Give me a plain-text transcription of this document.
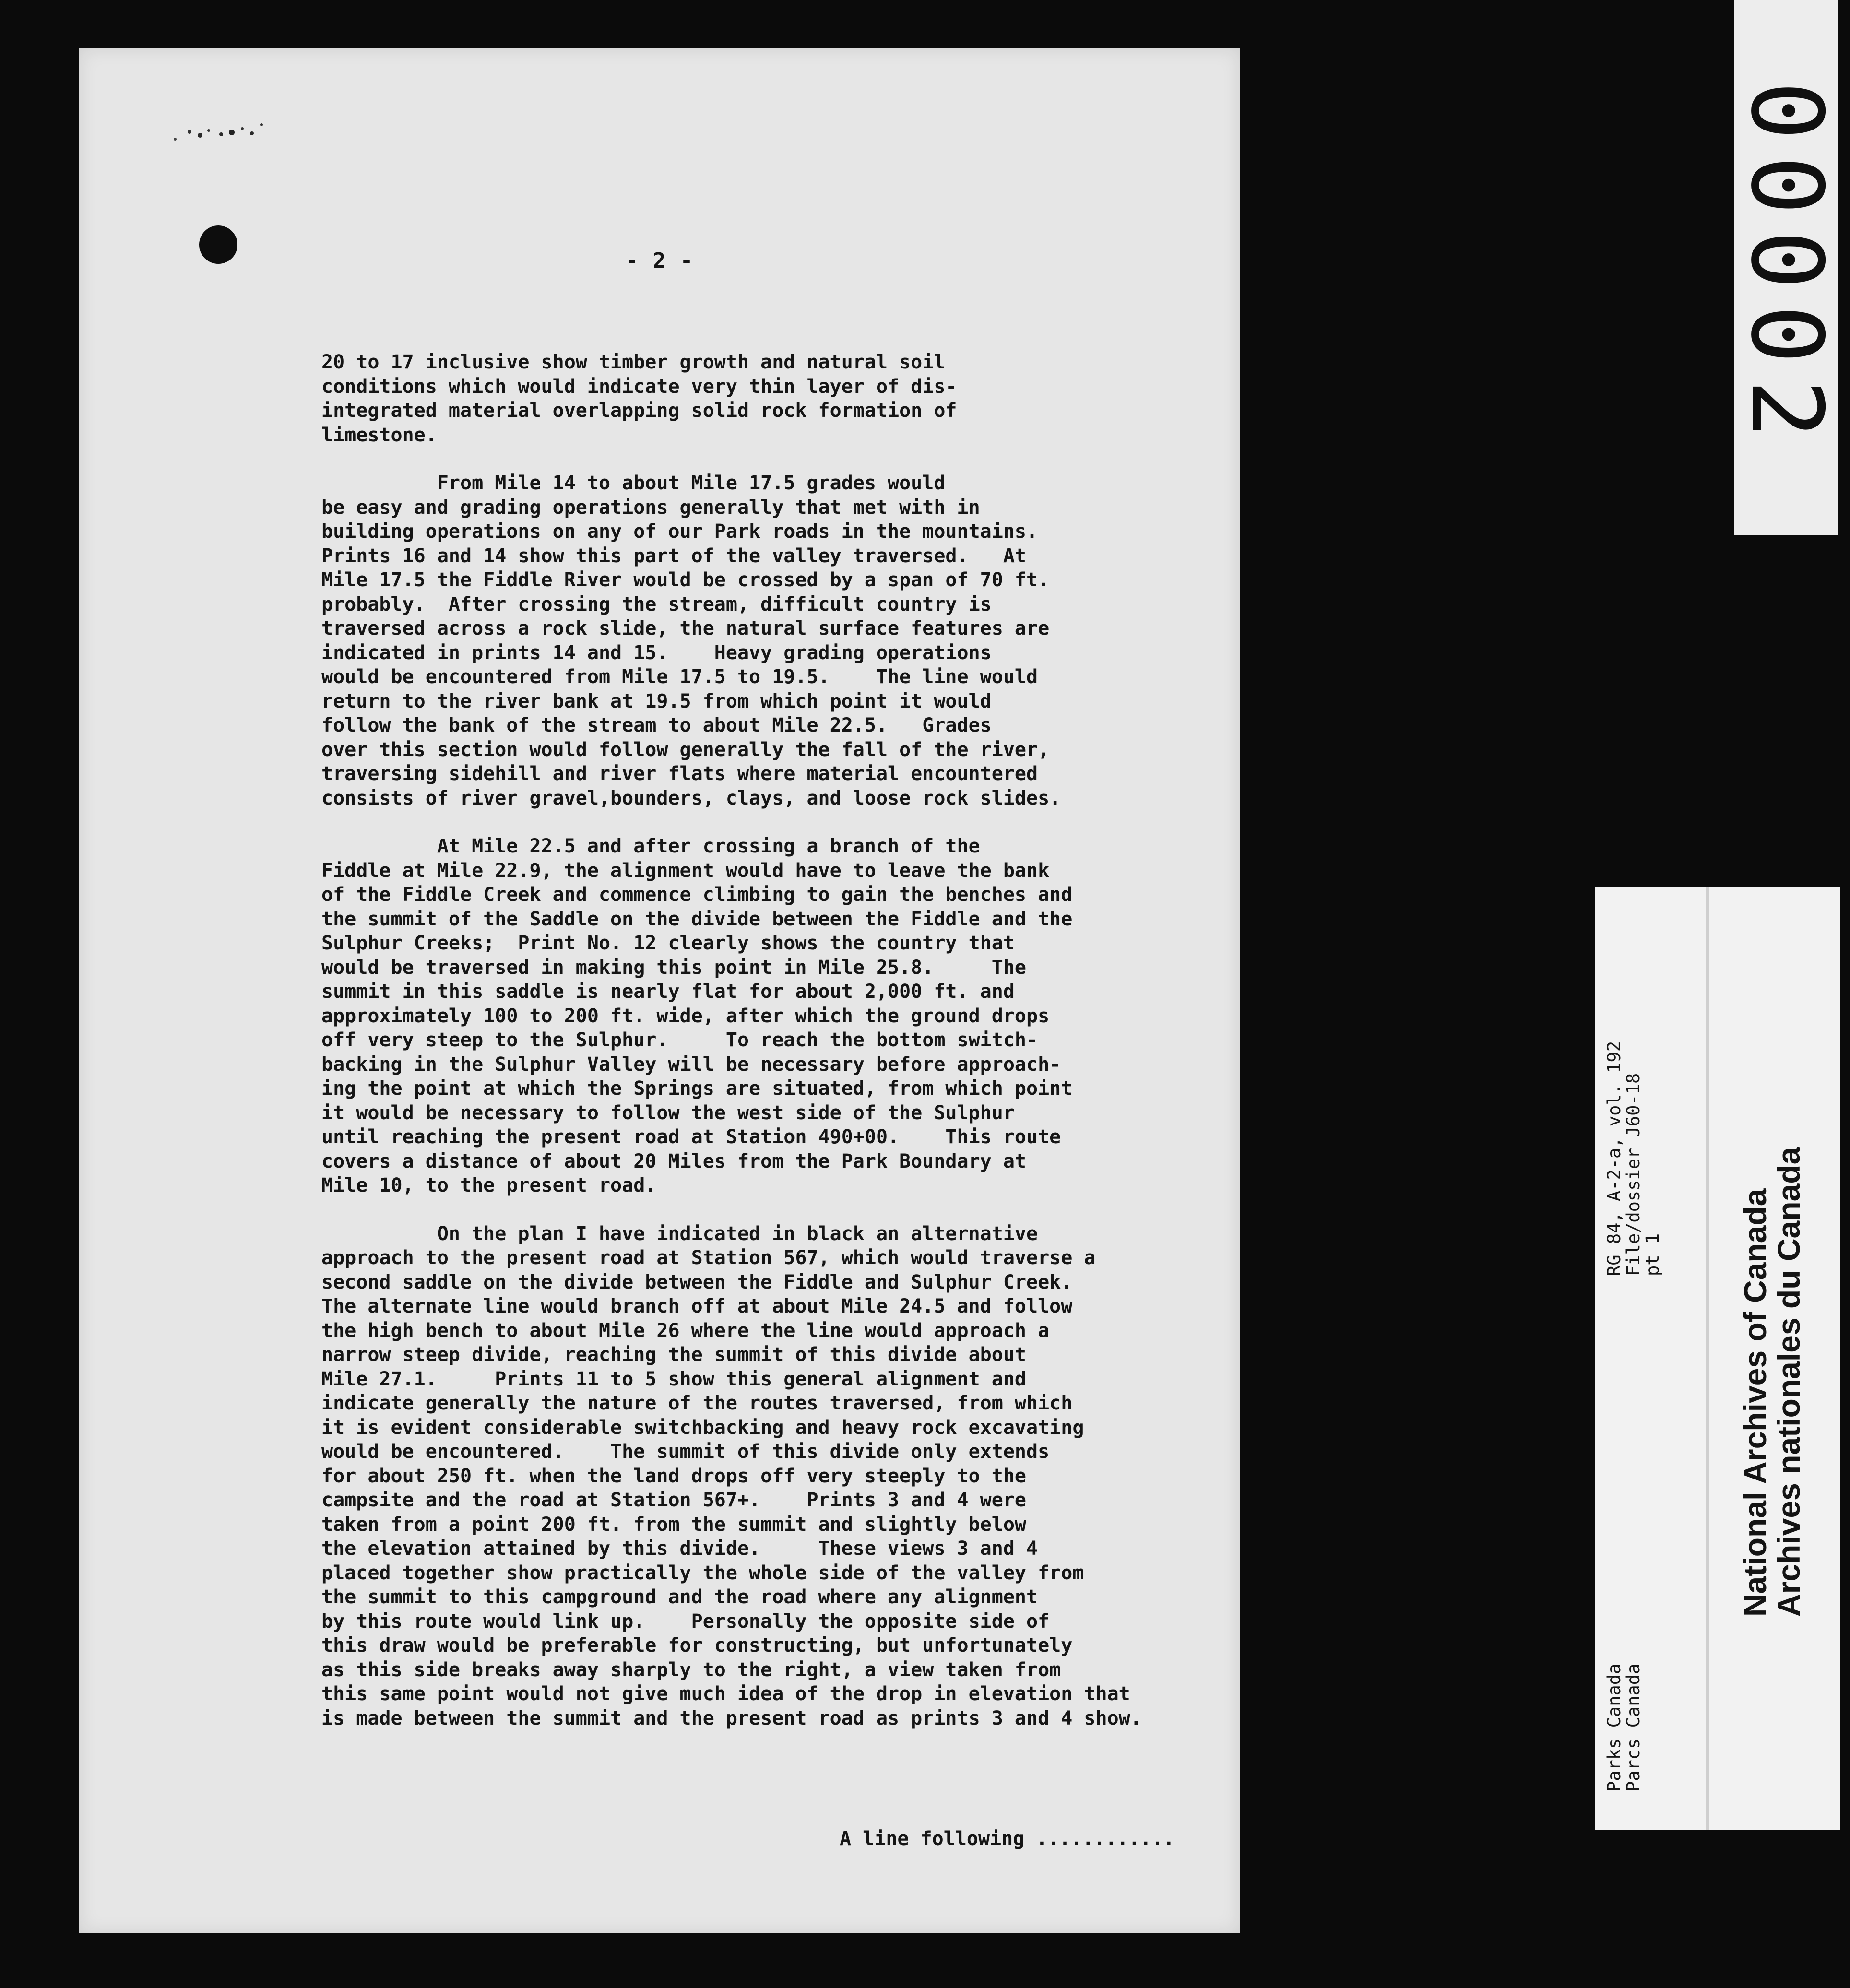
- 2 -
20 to 17 inclusive show timber growth and natural soil
conditions which would indicate very thin layer of dis-
integrated material overlapping solid rock formation of
limestone.
From Mile 14 to about Mile 17.5 grades would
be easy and grading operations generally that met with in
building operations on any of our Park roads in the mountains.
Prints 16 and 14 show this part of the valley traversed.   At
Mile 17.5 the Fiddle River would be crossed by a span of 70 ft.
probably.  After crossing the stream, difficult country is
traversed across a rock slide, the natural surface features are
indicated in prints 14 and 15.    Heavy grading operations
would be encountered from Mile 17.5 to 19.5.    The line would
return to the river bank at 19.5 from which point it would
follow the bank of the stream to about Mile 22.5.   Grades
over this section would follow generally the fall of the river,
traversing sidehill and river flats where material encountered
consists of river gravel,bounders, clays, and loose rock slides.
At Mile 22.5 and after crossing a branch of the
Fiddle at Mile 22.9, the alignment would have to leave the bank
of the Fiddle Creek and commence climbing to gain the benches and
the summit of the Saddle on the divide between the Fiddle and the
Sulphur Creeks;  Print No. 12 clearly shows the country that
would be traversed in making this point in Mile 25.8.     The
summit in this saddle is nearly flat for about 2,000 ft. and
approximately 100 to 200 ft. wide, after which the ground drops
off very steep to the Sulphur.     To reach the bottom switch-
backing in the Sulphur Valley will be necessary before approach-
ing the point at which the Springs are situated, from which point
it would be necessary to follow the west side of the Sulphur
until reaching the present road at Station 490+00.    This route
covers a distance of about 20 Miles from the Park Boundary at
Mile 10, to the present road.
On the plan I have indicated in black an alternative
approach to the present road at Station 567, which would traverse a
second saddle on the divide between the Fiddle and Sulphur Creek.
The alternate line would branch off at about Mile 24.5 and follow
the high bench to about Mile 26 where the line would approach a
narrow steep divide, reaching the summit of this divide about
Mile 27.1.     Prints 11 to 5 show this general alignment and
indicate generally the nature of the routes traversed, from which
it is evident considerable switchbacking and heavy rock excavating
would be encountered.    The summit of this divide only extends
for about 250 ft. when the land drops off very steeply to the
campsite and the road at Station 567+.    Prints 3 and 4 were
taken from a point 200 ft. from the summit and slightly below
the elevation attained by this divide.     These views 3 and 4
placed together show practically the whole side of the valley from
the summit to this campground and the road where any alignment
by this route would link up.    Personally the opposite side of
this draw would be preferable for constructing, but unfortunately
as this side breaks away sharply to the right, a view taken from
this same point would not give much idea of the drop in elevation that
is made between the summit and the present road as prints 3 and 4 show.
A line following ............
00002
RG 84, A-2-a, vol. 192
File/dossier J60-18
pt 1
Parks Canada
Parcs Canada
National Archives of Canada
Archives nationales du Canada
